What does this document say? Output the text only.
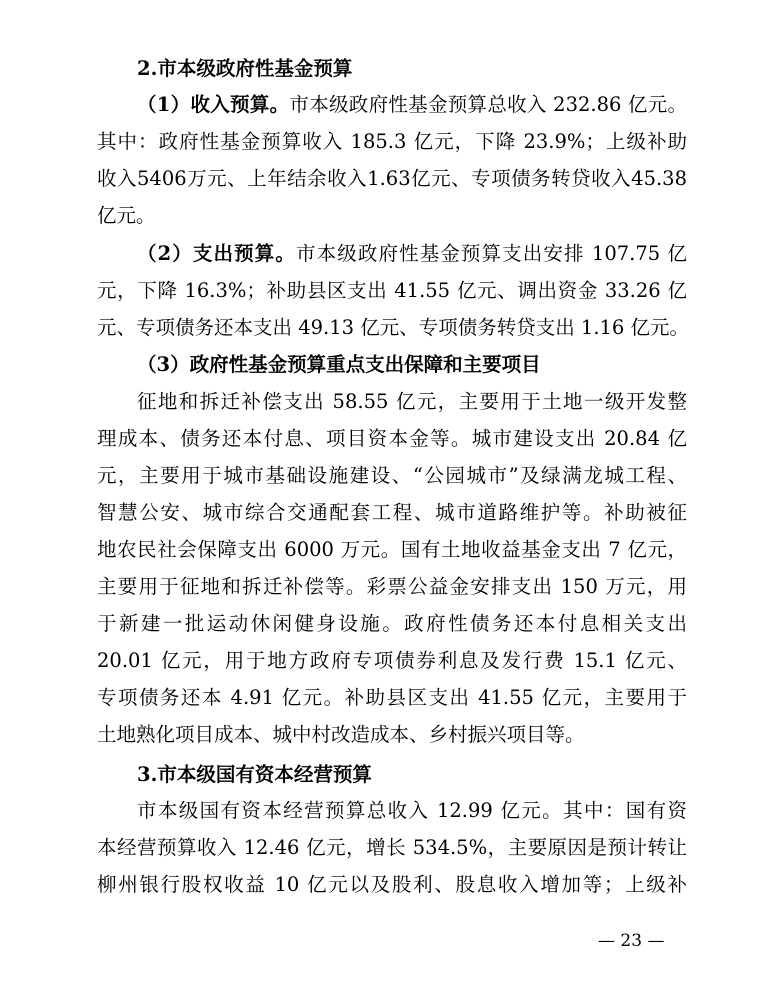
2.市本级政府性基金预算
（1）收入预算。市本级政府性基金预算总收入 232.86 亿元。
其中：政府性基金预算收入 185.3 亿元，下降 23.9%；上级补助
收入5406万元、上年结余收入1.63亿元、专项债务转贷收入45.38
亿元。
（2）支出预算。市本级政府性基金预算支出安排 107.75 亿
元，下降 16.3%；补助县区支出 41.55 亿元、调出资金 33.26 亿
元、专项债务还本支出 49.13 亿元、专项债务转贷支出 1.16 亿元。
（3）政府性基金预算重点支出保障和主要项目
征地和拆迁补偿支出 58.55 亿元，主要用于土地一级开发整
理成本、债务还本付息、项目资本金等。城市建设支出 20.84 亿
元，主要用于城市基础设施建设、“公园城市”及绿满龙城工程、
智慧公安、城市综合交通配套工程、城市道路维护等。补助被征
地农民社会保障支出 6000 万元。国有土地收益基金支出 7 亿元，
主要用于征地和拆迁补偿等。彩票公益金安排支出 150 万元，用
于新建一批运动休闲健身设施。政府性债务还本付息相关支出
20.01 亿元，用于地方政府专项债券利息及发行费 15.1 亿元、
专项债务还本 4.91 亿元。补助县区支出 41.55 亿元，主要用于
土地熟化项目成本、城中村改造成本、乡村振兴项目等。
3.市本级国有资本经营预算
市本级国有资本经营预算总收入 12.99 亿元。其中：国有资
本经营预算收入 12.46 亿元，增长 534.5%，主要原因是预计转让
柳州银行股权收益 10 亿元以及股利、股息收入增加等；上级补
— 23 —
